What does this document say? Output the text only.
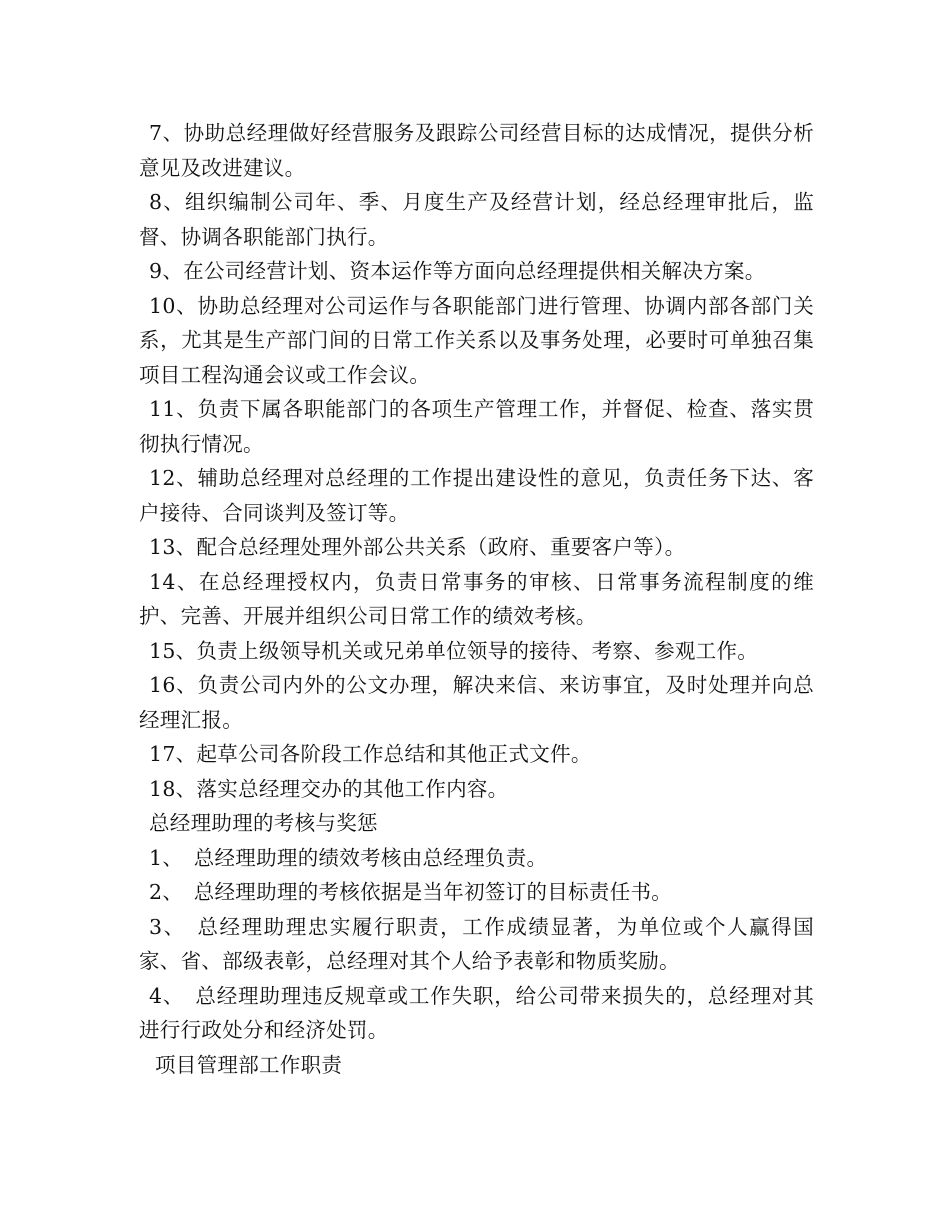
7、协助总经理做好经营服务及跟踪公司经营目标的达成情况，提供分析意见及改进建议。

8、组织编制公司年、季、月度生产及经营计划，经总经理审批后，监督、协调各职能部门执行。

9、在公司经营计划、资本运作等方面向总经理提供相关解决方案。

10、协助总经理对公司运作与各职能部门进行管理、协调内部各部门关系，尤其是生产部门间的日常工作关系以及事务处理，必要时可单独召集项目工程沟通会议或工作会议。

11、负责下属各职能部门的各项生产管理工作，并督促、检查、落实贯彻执行情况。

12、辅助总经理对总经理的工作提出建设性的意见，负责任务下达、客户接待、合同谈判及签订等。

13、配合总经理处理外部公共关系（政府、重要客户等）。

14、在总经理授权内，负责日常事务的审核、日常事务流程制度的维护、完善、开展并组织公司日常工作的绩效考核。

15、负责上级领导机关或兄弟单位领导的接待、考察、参观工作。

16、负责公司内外的公文办理，解决来信、来访事宜，及时处理并向总经理汇报。

17、起草公司各阶段工作总结和其他正式文件。

18、落实总经理交办的其他工作内容。

总经理助理的考核与奖惩

1、　总经理助理的绩效考核由总经理负责。

2、　总经理助理的考核依据是当年初签订的目标责任书。

3、　总经理助理忠实履行职责，工作成绩显著，为单位或个人赢得国家、省、部级表彰，总经理对其个人给予表彰和物质奖励。

4、　总经理助理违反规章或工作失职，给公司带来损失的，总经理对其进行行政处分和经济处罚。

项目管理部工作职责
